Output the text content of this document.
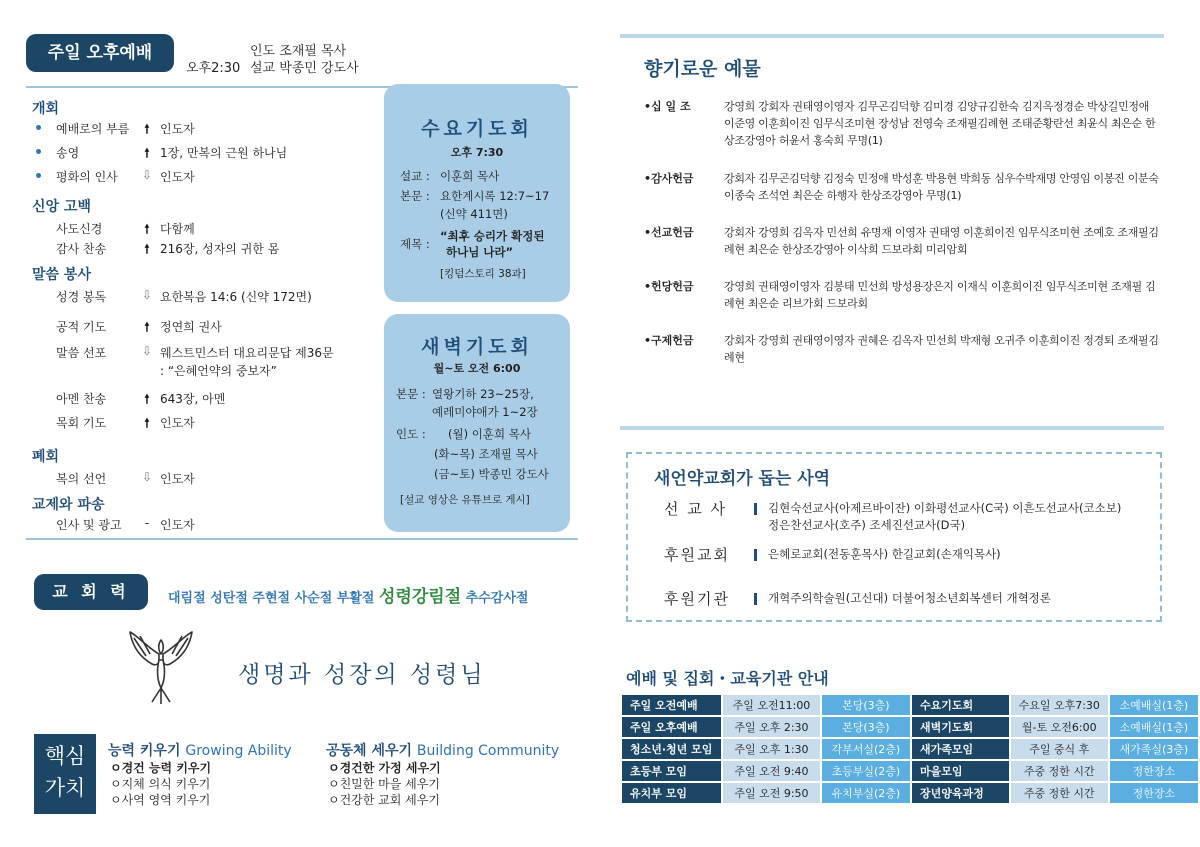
주일 오후예배
오후2:30
인도 조재필 목사
설교 박종민 강도사
개회
예배로의 부름	🠕 인도자
송영	🠕 1장, 만복의 근원 하나님
평화의 인사 ⇩ 인도자
신앙 고백
사도신경	🠕 다함께
감사 찬송	🠕 216장, 성자의 귀한 몸
말씀 봉사
성경 봉독	⇩ 요한복음 14:6 (신약 172면)
공적 기도	🠕 정연희 권사
말씀 선포	⇩ 웨스트민스터 대요리문답 제36문
: “은혜언약의 중보자”
아멘 찬송	🠕 643장, 아멘
목회 기도	🠕 인도자
폐회
복의 선언	⇩ 인도자
교제와 파송
인사 및 광고	- 인도자
수요기도회
오후 7:30
설교 : 이훈희 목사
본문 : 요한계시록 12:7~17
(신약 411면)
제목 :
“최후 승리가 확정된
하나님 나라”
[킹덤스토리 38과]
새벽기도회
월~토 오전 6:00
본문 : 열왕기하 23~25장,
예레미야애가 1~2장
인도 : (월) 이훈희 목사
(화~목) 조재필 목사
(금~토) 박종민 강도사
[설교 영상은 유튜브로 게시]
교 회 력	대림절 성탄절 주현절 사순절 부활절 성령강림절 추수감사절
생명과 성장의 성령님
핵심
가치
능력 키우기 Growing Ability
ㅇ경건 능력 키우기
ㅇ지체 의식 키우기
ㅇ사역 영역 키우기
공동체 세우기 Building Community
ㅇ경건한 가정 세우기
ㅇ친밀한 마을 세우기
ㅇ건강한 교회 세우기
향기로운 예물
•십 일 조	강영희 강회자 권태영이영자 김무곤김덕향 김미경 김양규김한숙 김지옥정경순 박상길민정애 이준영 이훈희이진 임무식조미현 장성남 전영숙 조재필김례현 조태준황란선 최윤식 최은순 한상조강영아 허윤서 홍숙희 무명(1)
•감사헌금	강회자 김무곤김덕향 김정숙 민정애 박성훈 박용현 박희동 심우수박재명 안영임 이봉진 이분숙 이종숙 조석연 최은순 하행자 한상조강영아 무명(1)
•선교헌금	강회자 강영희 김옥자 민선희 유명재 이영자 권태영 이훈희이진 임무식조미현 조예호 조재필김례현 최은순 한상조강영아 이삭희 드보라회 미리암회
•헌당헌금	강영희 권태영이영자 김봉태 민선희 방성용장은지 이재식 이훈희이진 임무식조미현 조재필 김례현 최은순 리브가회 드보라회
•구제헌금	강회자 강영희 권태영이영자 권혜은 김옥자 민선희 박재형 오귀주 이훈희이진 정경퇴 조재필김례현
새언약교회가 돕는 사역
선 교 사	김현숙선교사(아제르바이잔) 이화평선교사(C국) 이흔도선교사(코소보)
정은찬선교사(호주) 조세진선교사(D국)
후원교회	은혜로교회(전동훈목사) 한길교회(손재익목사)
후원기관	개혁주의학술원(고신대) 더불어청소년회복센터 개혁정론
예배 및 집회・교육기관 안내
주일 오전예배	주일 오전11:00	본당(3층)	수요기도회	수요일 오후7:30	소예배실(1층)
주일 오후예배	주일 오후 2:30	본당(3층)	새벽기도회	월-토 오전6:00	소예배실(1층)
청소년·청년 모임	주일 오후 1:30	각부서실(2층)	새가족모임	주일 중식 후	새가족실(3층)
초등부 모임	주일 오전 9:40	초등부실(2층)	마을모임	주중 정한 시간	정한장소
유치부 모임	주일 오전 9:50	유치부실(2층)	장년양육과정	주중 정한 시간	정한장소
